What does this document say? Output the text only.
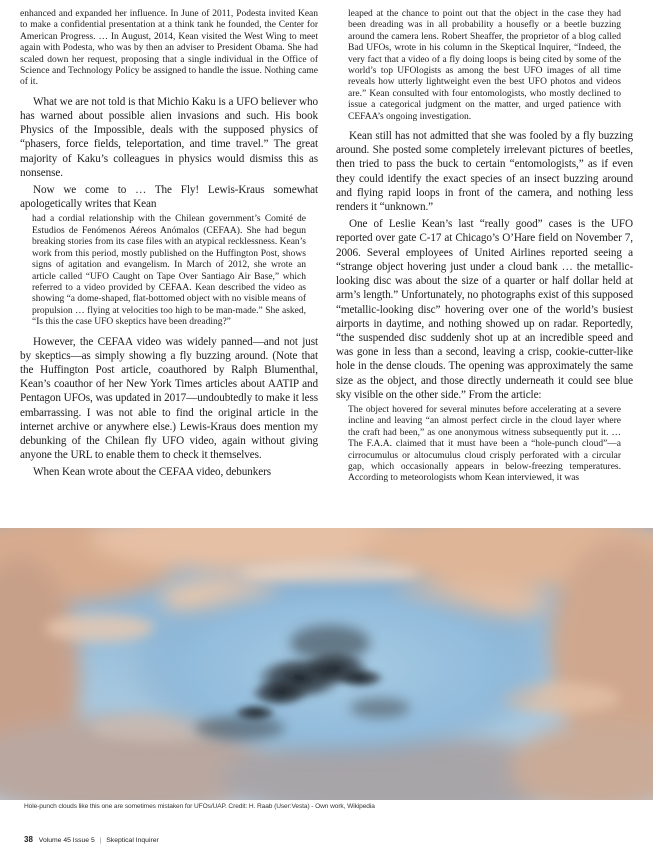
enhanced and expanded her influence. In June of 2011, Podesta invited Kean to make a confidential presentation at a think tank he founded, the Center for American Progress. … In August, 2014, Kean visited the West Wing to meet again with Podesta, who was by then an adviser to President Obama. She had scaled down her request, proposing that a single individual in the Office of Science and Technology Policy be assigned to handle the issue. Nothing came of it.

What we are not told is that Michio Kaku is a UFO believer who has warned about possible alien invasions and such. His book Physics of the Impossible, deals with the supposed physics of “phasers, force fields, teleportation, and time travel.” The great majority of Kaku’s colleagues in physics would dismiss this as nonsense.

Now we come to … The Fly! Lewis-Kraus somewhat apologetically writes that Kean

had a cordial relationship with the Chilean government’s Comité de Estudios de Fenómenos Aéreos Anómalos (CEFAA). She had begun breaking stories from its case files with an atypical recklessness. Kean’s work from this period, mostly published on the Huffington Post, shows signs of agitation and evangelism. In March of 2012, she wrote an article called “UFO Caught on Tape Over Santiago Air Base,” which referred to a video provided by CEFAA. Kean described the video as showing “a dome-shaped, flat-bottomed object with no visible means of propulsion … flying at velocities too high to be man-made.” She asked, “Is this the case UFO skeptics have been dreading?”

However, the CEFAA video was widely panned—and not just by skeptics—as simply showing a fly buzzing around. (Note that the Huffington Post article, coauthored by Ralph Blumenthal, Kean’s coauthor of her New York Times articles about AATIP and Pentagon UFOs, was updated in 2017—undoubtedly to make it less embarrassing. I was not able to find the original article in the internet archive or anywhere else.) Lewis-Kraus does mention my debunking of the Chilean fly UFO video, again without giving anyone the URL to enable them to check it themselves.

When Kean wrote about the CEFAA video, debunkers

leaped at the chance to point out that the object in the case they had been dreading was in all probability a housefly or a beetle buzzing around the camera lens. Robert Sheaffer, the proprietor of a blog called Bad UFOs, wrote in his column in the Skeptical Inquirer, “Indeed, the very fact that a video of a fly doing loops is being cited by some of the world’s top UFOlogists as among the best UFO images of all time reveals how utterly lightweight even the best UFO photos and videos are.” Kean consulted with four entomologists, who mostly declined to issue a categorical judgment on the matter, and urged patience with CEFAA’s ongoing investigation.

Kean still has not admitted that she was fooled by a fly buzzing around. She posted some completely irrelevant pictures of beetles, then tried to pass the buck to certain “entomologists,” as if even they could identify the exact species of an insect buzzing around and flying rapid loops in front of the camera, and nothing less renders it “unknown.”

One of Leslie Kean’s last “really good” cases is the UFO reported over gate C-17 at Chicago’s O’Hare field on November 7, 2006. Several employees of United Airlines reported seeing a “strange object hovering just under a cloud bank … the metallic-looking disc was about the size of a quarter or half dollar held at arm’s length.” Unfortunately, no photographs exist of this supposed “metallic-looking disc” hovering over one of the world’s busiest airports in daytime, and nothing showed up on radar. Reportedly, “the suspended disc suddenly shot up at an incredible speed and was gone in less than a second, leaving a crisp, cookie-cutter-like hole in the dense clouds. The opening was approximately the same size as the object, and those directly underneath it could see blue sky visible on the other side.” From the article:

The object hovered for several minutes before accelerating at a severe incline and leaving “an almost perfect circle in the cloud layer where the craft had been,” as one anonymous witness subsequently put it. … The F.A.A. claimed that it must have been a “hole-punch cloud”—a cirrocumulus or altocumulus cloud crisply perforated with a circular gap, which occasionally appears in below-freezing temperatures. According to meteorologists whom Kean interviewed, it was

Hole-punch clouds like this one are sometimes mistaken for UFOs/UAP. Credit: H. Raab (User:Vesta) - Own work, Wikipedia
38 Volume 45 Issue 5 | Skeptical Inquirer
